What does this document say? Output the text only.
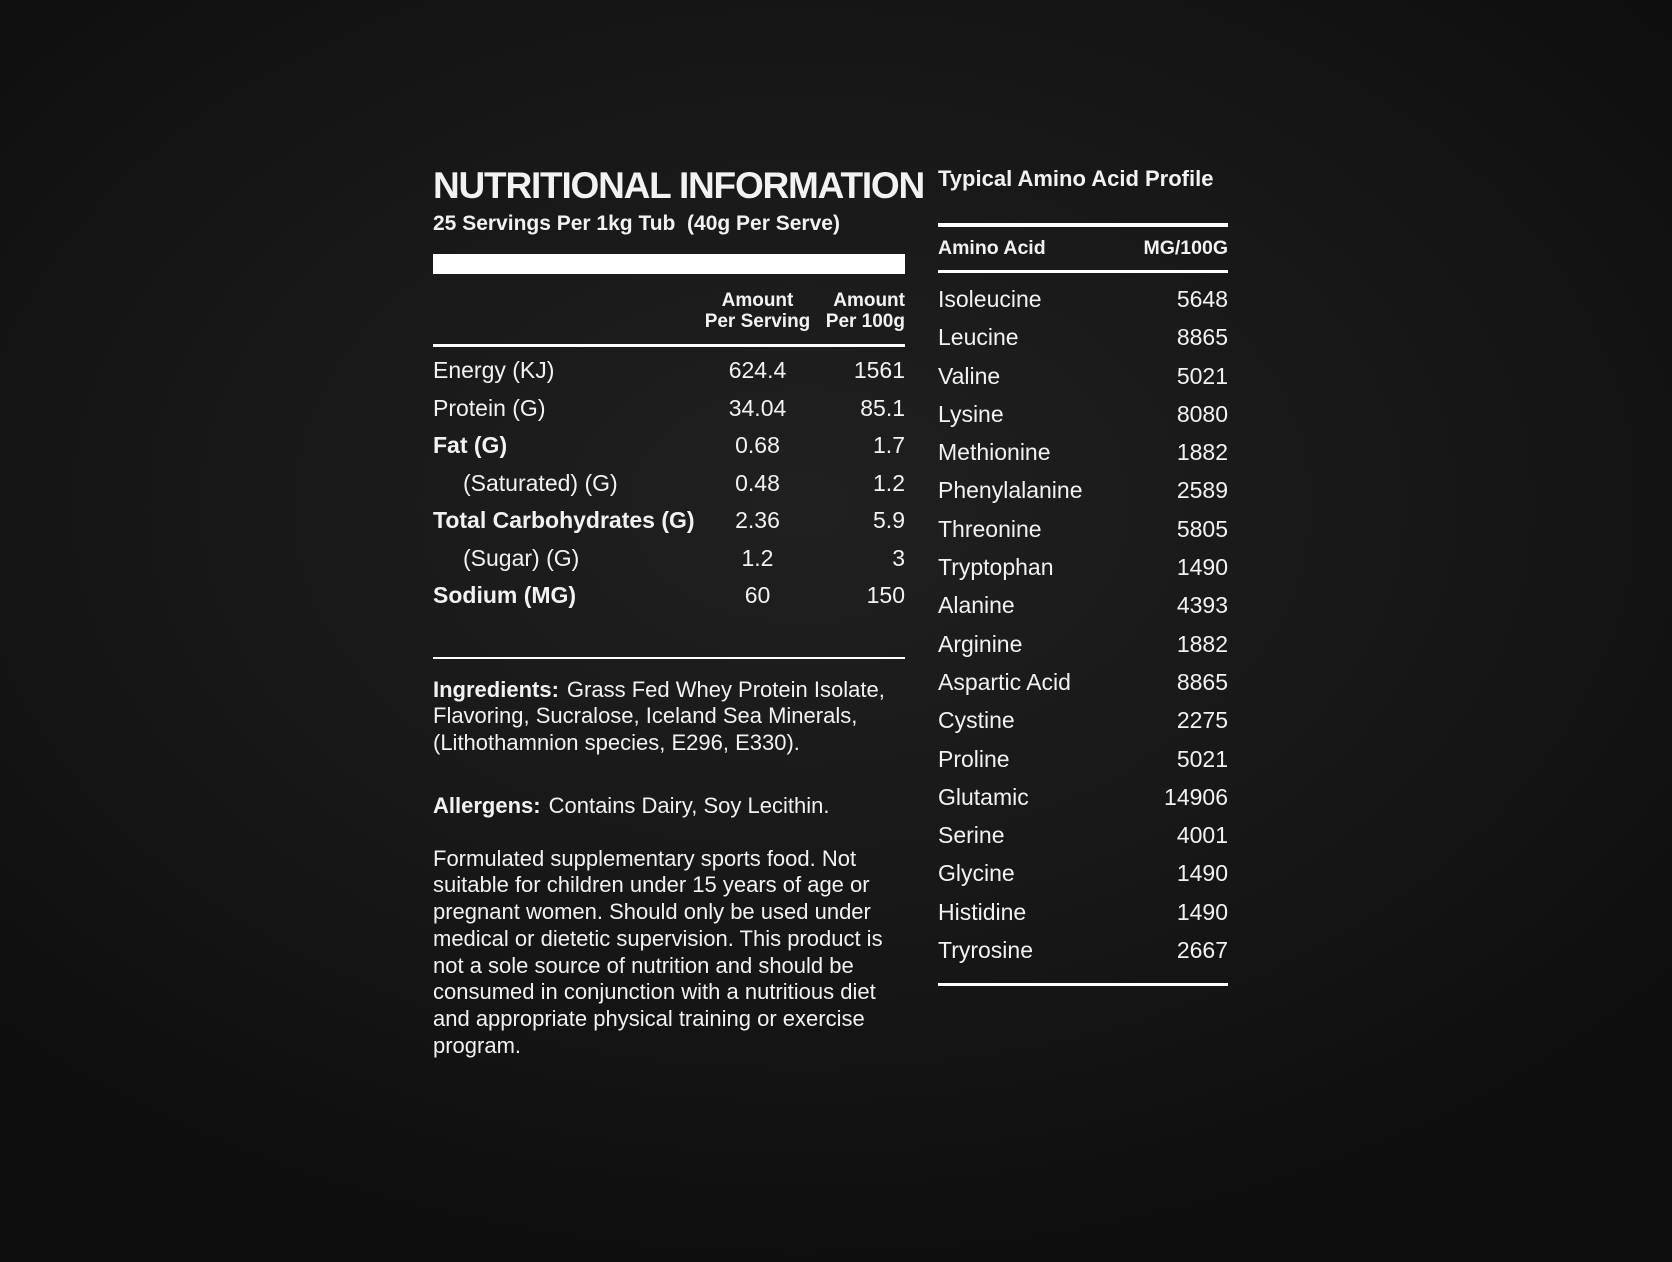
NUTRITIONAL INFORMATION
25 Servings Per 1kg Tub  (40g Per Serve)
Amount
Per Serving
Amount
Per 100g
Energy (KJ)	624.4	1561
Protein (G)	34.04	85.1
Fat (G)	0.68	1.7
(Saturated) (G)	0.48	1.2
Total Carbohydrates (G)	2.36	5.9
(Sugar) (G)	1.2	3
Sodium (MG)	60	150

Ingredients: Grass Fed Whey Protein Isolate, Flavoring, Sucralose, Iceland Sea Minerals, (Lithothamnion species, E296, E330).

Allergens: Contains Dairy, Soy Lecithin.

Formulated supplementary sports food. Not suitable for children under 15 years of age or pregnant women. Should only be used under medical or dietetic supervision. This product is not a sole source of nutrition and should be consumed in conjunction with a nutritious diet and appropriate physical training or exercise program.

Typical Amino Acid Profile
Amino Acid	MG/100G
Isoleucine	5648
Leucine	8865
Valine	5021
Lysine	8080
Methionine	1882
Phenylalanine	2589
Threonine	5805
Tryptophan	1490
Alanine	4393
Arginine	1882
Aspartic Acid	8865
Cystine	2275
Proline	5021
Glutamic	14906
Serine	4001
Glycine	1490
Histidine	1490
Tryrosine	2667
